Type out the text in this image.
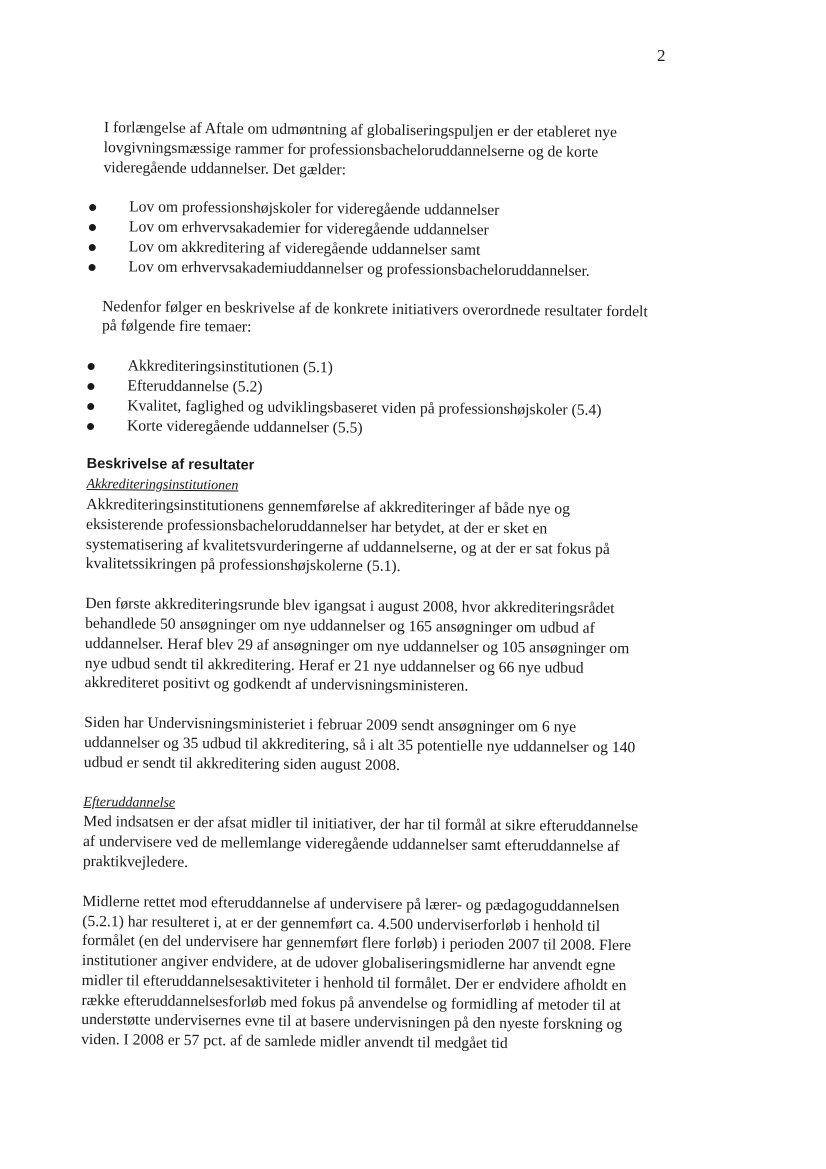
2

I forlængelse af Aftale om udmøntning af globaliseringspuljen er der etableret nye lovgivningsmæssige rammer for professionsbacheloruddannelserne og de korte videregående uddannelser. Det gælder:

Lov om professionshøjskoler for videregående uddannelser
Lov om erhvervsakademier for videregående uddannelser
Lov om akkreditering af videregående uddannelser samt
Lov om erhvervsakademiuddannelser og professionsbacheloruddannelser.

Nedenfor følger en beskrivelse af de konkrete initiativers overordnede resultater fordelt på følgende fire temaer:

Akkrediteringsinstitutionen (5.1)
Efteruddannelse (5.2)
Kvalitet, faglighed og udviklingsbaseret viden på professionshøjskoler (5.4)
Korte videregående uddannelser (5.5)

Beskrivelse af resultater

Akkrediteringsinstitutionen

Akkrediteringsinstitutionens gennemførelse af akkrediteringer af både nye og eksisterende professionsbacheloruddannelser har betydet, at der er sket en systematisering af kvalitetsvurderingerne af uddannelserne, og at der er sat fokus på kvalitetssikringen på professionshøjskolerne (5.1).

Den første akkrediteringsrunde blev igangsat i august 2008, hvor akkrediteringsrådet behandlede 50 ansøgninger om nye uddannelser og 165 ansøgninger om udbud af uddannelser. Heraf blev 29 af ansøgninger om nye uddannelser og 105 ansøgninger om nye udbud sendt til akkreditering. Heraf er 21 nye uddannelser og 66 nye udbud akkrediteret positivt og godkendt af undervisningsministeren.

Siden har Undervisningsministeriet i februar 2009 sendt ansøgninger om 6 nye uddannelser og 35 udbud til akkreditering, så i alt 35 potentielle nye uddannelser og 140 udbud er sendt til akkreditering siden august 2008.

Efteruddannelse

Med indsatsen er der afsat midler til initiativer, der har til formål at sikre efteruddannelse af undervisere ved de mellemlange videregående uddannelser samt efteruddannelse af praktikvejledere.

Midlerne rettet mod efteruddannelse af undervisere på lærer- og pædagoguddannelsen (5.2.1) har resulteret i, at er der gennemført ca. 4.500 underviserforløb i henhold til formålet (en del undervisere har gennemført flere forløb) i perioden 2007 til 2008. Flere institutioner angiver endvidere, at de udover globaliseringsmidlerne har anvendt egne midler til efteruddannelsesaktiviteter i henhold til formålet. Der er endvidere afholdt en række efteruddannelsesforløb med fokus på anvendelse og formidling af metoder til at understøtte undervisernes evne til at basere undervisningen på den nyeste forskning og viden. I 2008 er 57 pct. af de samlede midler anvendt til medgået tid
